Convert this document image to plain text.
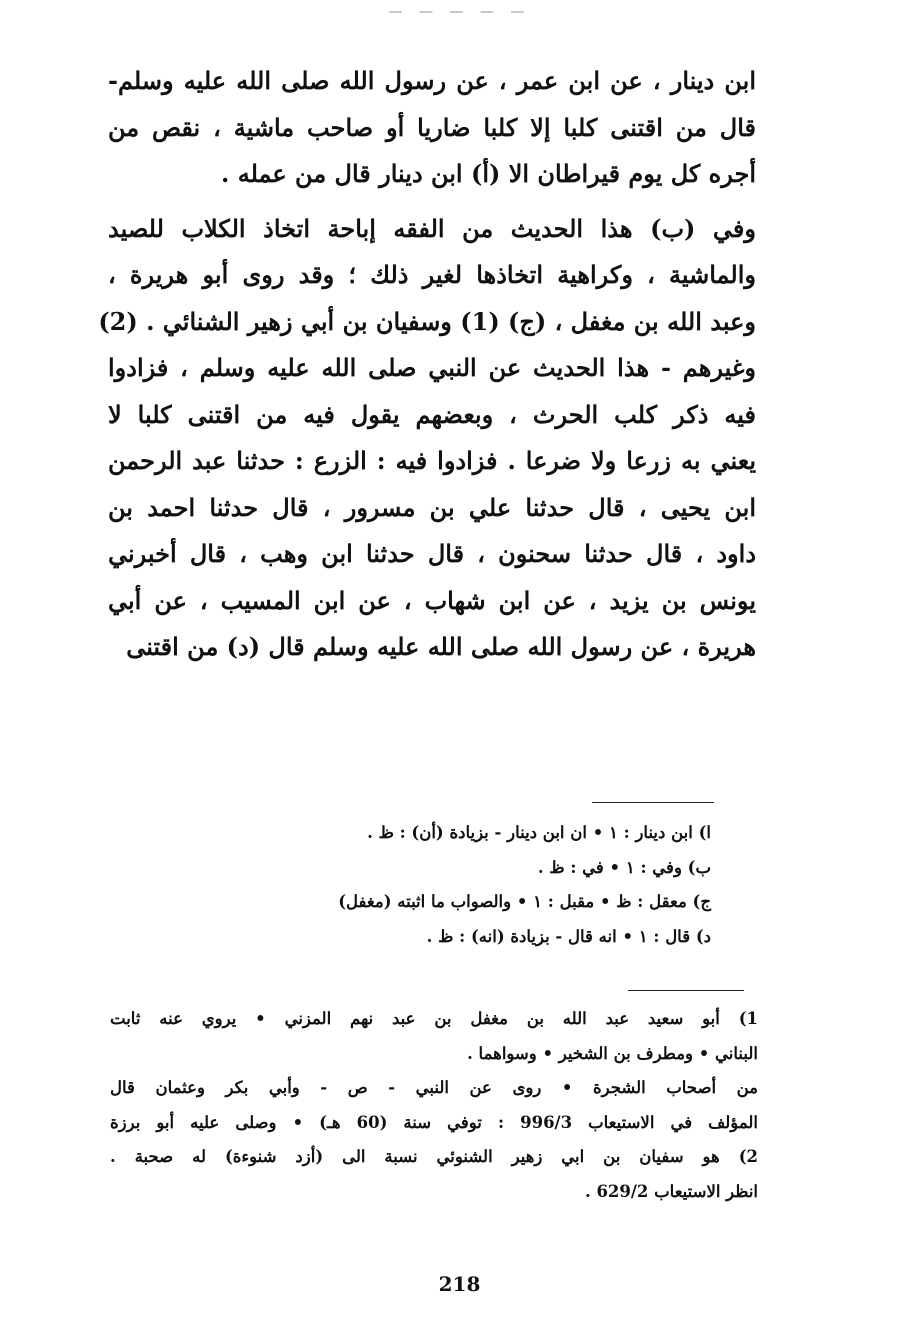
— — — — —
ابن دينار ، عن ابن عمر ، عن رسول الله صلى الله عليه وسلم-
قال من اقتنى كلبا إلا كلبا ضاريا أو صاحب ماشية ، نقص من
أجره كل يوم قيراطان الا (أ) ابن دينار قال من عمله .
وفي (ب) هذا الحديث من الفقه إباحة اتخاذ الكلاب للصيد
والماشية ، وكراهية اتخاذها لغير ذلك ؛ وقد روى أبو هريرة ،
وعبد الله بن مغفل ، (ج) (1) وسفيان بن أبي زهير الشنائي . (2)
وغيرهم - هذا الحديث عن النبي صلى الله عليه وسلم ، فزادوا
فيه ذكر كلب الحرث ، وبعضهم يقول فيه من اقتنى كلبا لا
يعني به زرعا ولا ضرعا . فزادوا فيه : الزرع : حدثنا عبد الرحمن
ابن يحيى ، قال حدثنا علي بن مسرور ، قال حدثنا احمد بن
داود ، قال حدثنا سحنون ، قال حدثنا ابن وهب ، قال أخبرني
يونس بن يزيد ، عن ابن شهاب ، عن ابن المسيب ، عن أبي
هريرة ، عن رسول الله صلى الله عليه وسلم قال (د) من اقتنى
ا) ابن دينار : ١ • ان ابن دينار - بزيادة (أن) : ظ .
ب) وفي : ١ • في : ظ .
ج) معقل : ظ • مقبل : ١ • والصواب ما اثبته (مغفل)
د) قال : ١ • انه قال - بزيادة (انه) : ظ .
1) أبو سعيد عبد الله بن مغفل بن عبد نهم المزني • يروي عنه ثابت
البناني • ومطرف بن الشخير • وسواهما .
من أصحاب الشجرة • روى عن النبي - ص - وأبي بكر وعثمان قال
المؤلف في الاستيعاب 996/3 : توفي سنة (60 هـ) • وصلى عليه أبو برزة
2) هو سفيان بن ابي زهير الشنوئي نسبة الى (أزد شنوءة) له صحبة .
انظر الاستيعاب 629/2 .
218
